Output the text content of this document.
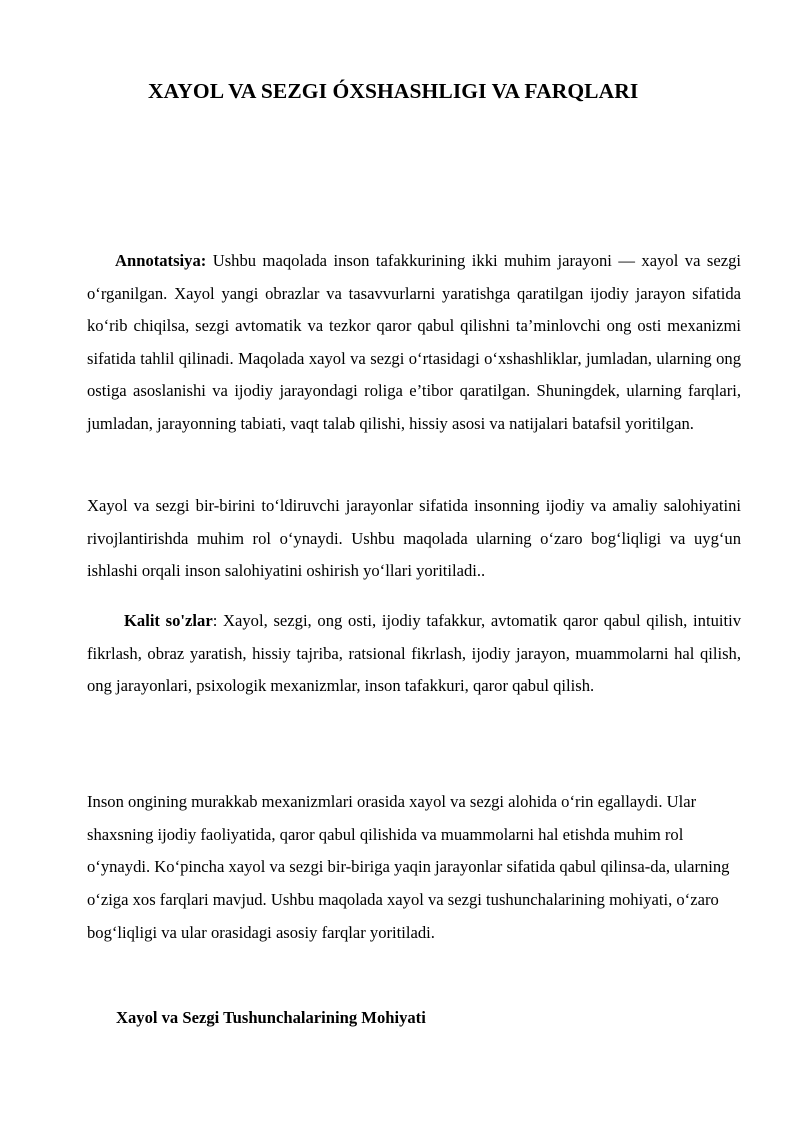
XAYOL VA SEZGI ÓXSHASHLIGI VA FARQLARI

Annotatsiya: Ushbu maqolada inson tafakkurining ikki muhim jarayoni — xayol va sezgi o‘rganilgan. Xayol yangi obrazlar va tasavvurlarni yaratishga qaratilgan ijodiy jarayon sifatida ko‘rib chiqilsa, sezgi avtomatik va tezkor qaror qabul qilishni ta’minlovchi ong osti mexanizmi sifatida tahlil qilinadi. Maqolada xayol va sezgi o‘rtasidagi o‘xshashliklar, jumladan, ularning ong ostiga asoslanishi va ijodiy jarayondagi roliga e’tibor qaratilgan. Shuningdek, ularning farqlari, jumladan, jarayonning tabiati, vaqt talab qilishi, hissiy asosi va natijalari batafsil yoritilgan.

Xayol va sezgi bir-birini to‘ldiruvchi jarayonlar sifatida insonning ijodiy va amaliy salohiyatini rivojlantirishda muhim rol o‘ynaydi. Ushbu maqolada ularning o‘zaro bog‘liqligi va uyg‘un ishlashi orqali inson salohiyatini oshirish yo‘llari yoritiladi..

Kalit so'zlar: Xayol, sezgi, ong osti, ijodiy tafakkur, avtomatik qaror qabul qilish, intuitiv fikrlash, obraz yaratish, hissiy tajriba, ratsional fikrlash, ijodiy jarayon, muammolarni hal qilish, ong jarayonlari, psixologik mexanizmlar, inson tafakkuri, qaror qabul qilish.

Inson ongining murakkab mexanizmlari orasida xayol va sezgi alohida o‘rin egallaydi. Ular shaxsning ijodiy faoliyatida, qaror qabul qilishida va muammolarni hal etishda muhim rol o‘ynaydi. Ko‘pincha xayol va sezgi bir-biriga yaqin jarayonlar sifatida qabul qilinsa-da, ularning o‘ziga xos farqlari mavjud. Ushbu maqolada xayol va sezgi tushunchalarining mohiyati, o‘zaro bog‘liqligi va ular orasidagi asosiy farqlar yoritiladi.

Xayol va Sezgi Tushunchalarining Mohiyati
